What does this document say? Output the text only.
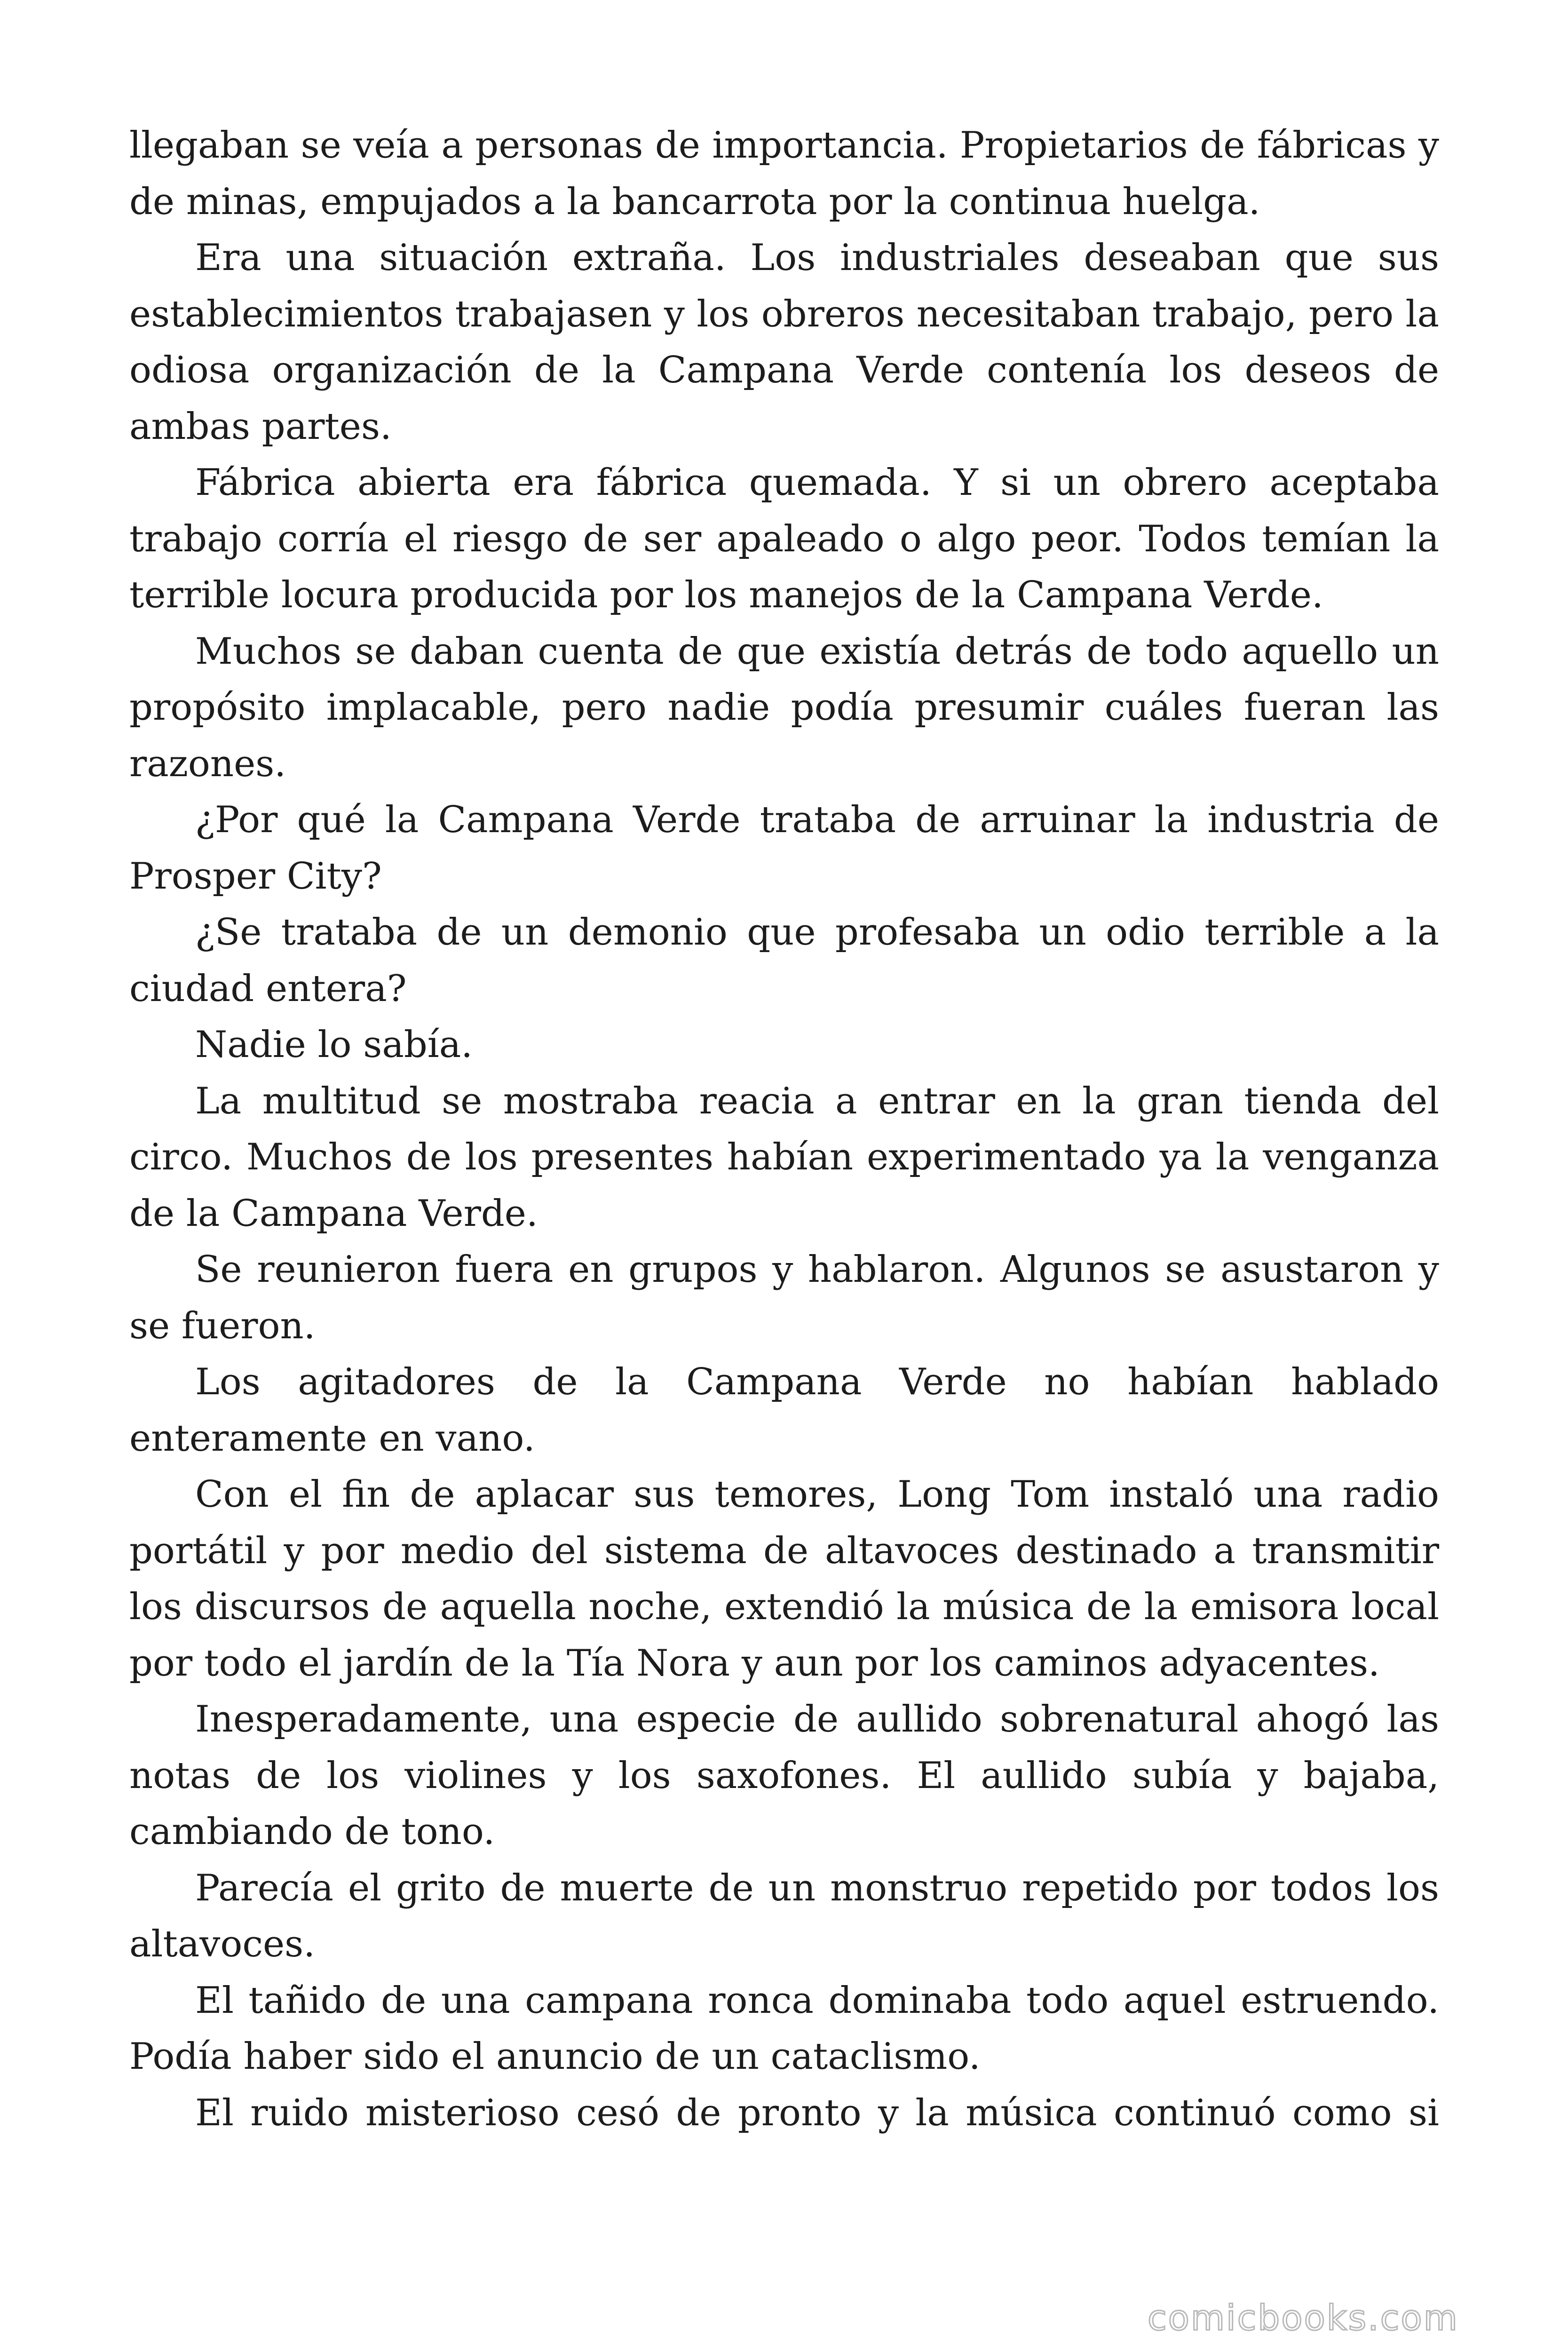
llegaban se veía a personas de importancia. Propietarios de fábricas y de minas, empujados a la bancarrota por la continua huelga.

Era una situación extraña. Los industriales deseaban que sus establecimientos trabajasen y los obreros necesitaban trabajo, pero la odiosa organización de la Campana Verde contenía los deseos de ambas partes.

Fábrica abierta era fábrica quemada. Y si un obrero aceptaba trabajo corría el riesgo de ser apaleado o algo peor. Todos temían la terrible locura producida por los manejos de la Campana Verde.

Muchos se daban cuenta de que existía detrás de todo aquello un propósito implacable, pero nadie podía presumir cuáles fueran las razones.

¿Por qué la Campana Verde trataba de arruinar la industria de Prosper City?

¿Se trataba de un demonio que profesaba un odio terrible a la ciudad entera?

Nadie lo sabía.

La multitud se mostraba reacia a entrar en la gran tienda del circo. Muchos de los presentes habían experimentado ya la venganza de la Campana Verde.

Se reunieron fuera en grupos y hablaron. Algunos se asustaron y se fueron.

Los agitadores de la Campana Verde no habían hablado enteramente en vano.

Con el fin de aplacar sus temores, Long Tom instaló una radio portátil y por medio del sistema de altavoces destinado a transmitir los discursos de aquella noche, extendió la música de la emisora local por todo el jardín de la Tía Nora y aun por los caminos adyacentes.

Inesperadamente, una especie de aullido sobrenatural ahogó las notas de los violines y los saxofones. El aullido subía y bajaba, cambiando de tono.

Parecía el grito de muerte de un monstruo repetido por todos los altavoces.

El tañido de una campana ronca dominaba todo aquel estruendo. Podía haber sido el anuncio de un cataclismo.

El ruido misterioso cesó de pronto y la música continuó como si

comicbooks.com
